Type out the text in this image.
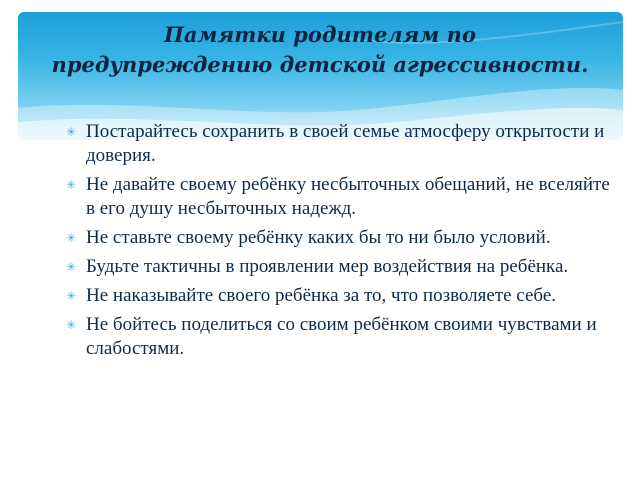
Памятки родителям по
предупреждению детской агрессивности.
✳ Постарайтесь сохранить в своей семье атмосферу открытости и доверия.
✳ Не давайте своему ребёнку несбыточных обещаний, не вселяйте в его душу несбыточных надежд.
✳ Не ставьте своему ребёнку каких бы то ни было условий.
✳ Будьте тактичны в проявлении мер воздействия на ребёнка.
✳ Не наказывайте своего ребёнка за то, что позволяете себе.
✳ Не бойтесь поделиться со своим ребёнком своими чувствами и слабостями.
